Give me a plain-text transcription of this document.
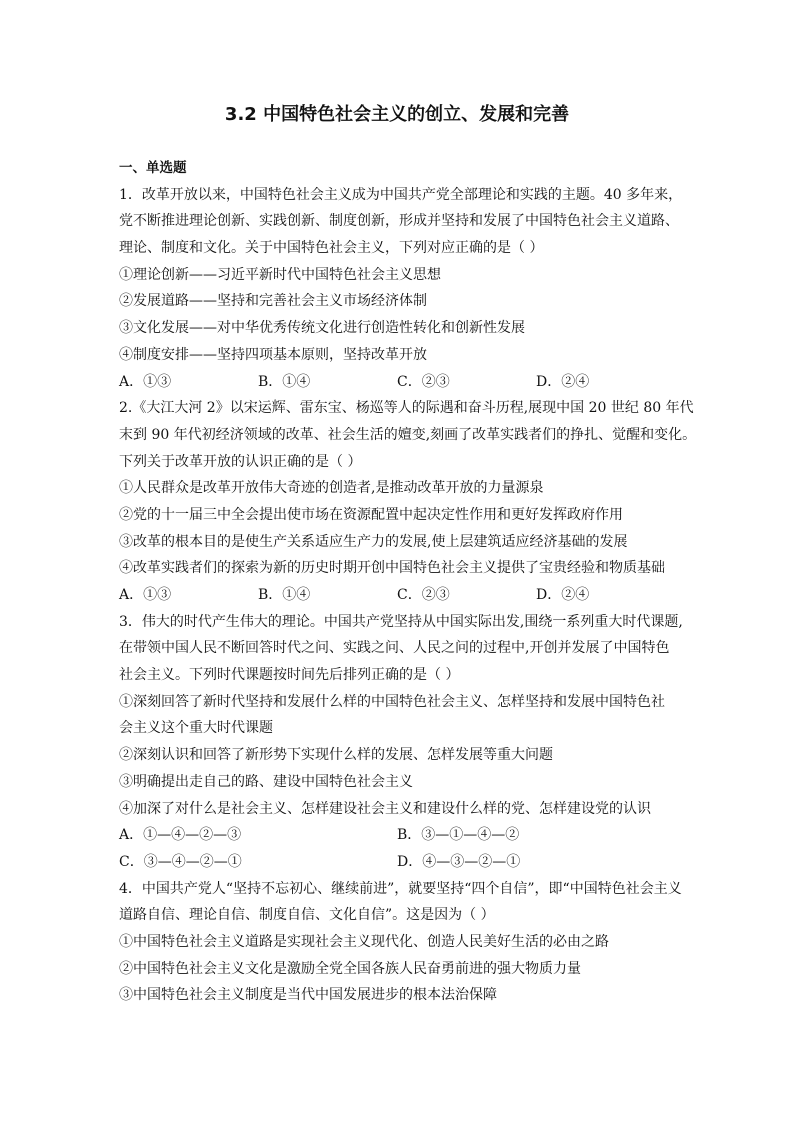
3.2 中国特色社会主义的创立、发展和完善
一、单选题
1．改革开放以来，中国特色社会主义成为中国共产党全部理论和实践的主题。40 多年来，
党不断推进理论创新、实践创新、制度创新，形成并坚持和发展了中国特色社会主义道路、
理论、制度和文化。关于中国特色社会主义，下列对应正确的是（ ）
①理论创新——习近平新时代中国特色社会主义思想
②发展道路——坚持和完善社会主义市场经济体制
③文化发展——对中华优秀传统文化进行创造性转化和创新性发展
④制度安排——坚持四项基本原则，坚持改革开放
A．①③	B．①④	C．②③	D．②④
2.《大江大河 2》以宋运辉、雷东宝、杨巡等人的际遇和奋斗历程,展现中国 20 世纪 80 年代
末到 90 年代初经济领域的改革、社会生活的嬗变,刻画了改革实践者们的挣扎、觉醒和变化。
下列关于改革开放的认识正确的是（ ）
①人民群众是改革开放伟大奇迹的创造者,是推动改革开放的力量源泉
②党的十一届三中全会提出使市场在资源配置中起决定性作用和更好发挥政府作用
③改革的根本目的是使生产关系适应生产力的发展,使上层建筑适应经济基础的发展
④改革实践者们的探索为新的历史时期开创中国特色社会主义提供了宝贵经验和物质基础
A．①③	B．①④	C．②③	D．②④
3．伟大的时代产生伟大的理论。中国共产党坚持从中国实际出发,围绕一系列重大时代课题,
在带领中国人民不断回答时代之问、实践之问、人民之问的过程中,开创并发展了中国特色
社会主义。下列时代课题按时间先后排列正确的是（ ）
①深刻回答了新时代坚持和发展什么样的中国特色社会主义、怎样坚持和发展中国特色社
会主义这个重大时代课题
②深刻认识和回答了新形势下实现什么样的发展、怎样发展等重大问题
③明确提出走自己的路、建设中国特色社会主义
④加深了对什么是社会主义、怎样建设社会主义和建设什么样的党、怎样建设党的认识
A．①—④—②—③	B．③—①—④—②
C．③—④—②—①	D．④—③—②—①
4．中国共产党人“坚持不忘初心、继续前进”，就要坚持“四个自信”，即“中国特色社会主义
道路自信、理论自信、制度自信、文化自信”。这是因为（ ）
①中国特色社会主义道路是实现社会主义现代化、创造人民美好生活的必由之路
②中国特色社会主义文化是激励全党全国各族人民奋勇前进的强大物质力量
③中国特色社会主义制度是当代中国发展进步的根本法治保障
